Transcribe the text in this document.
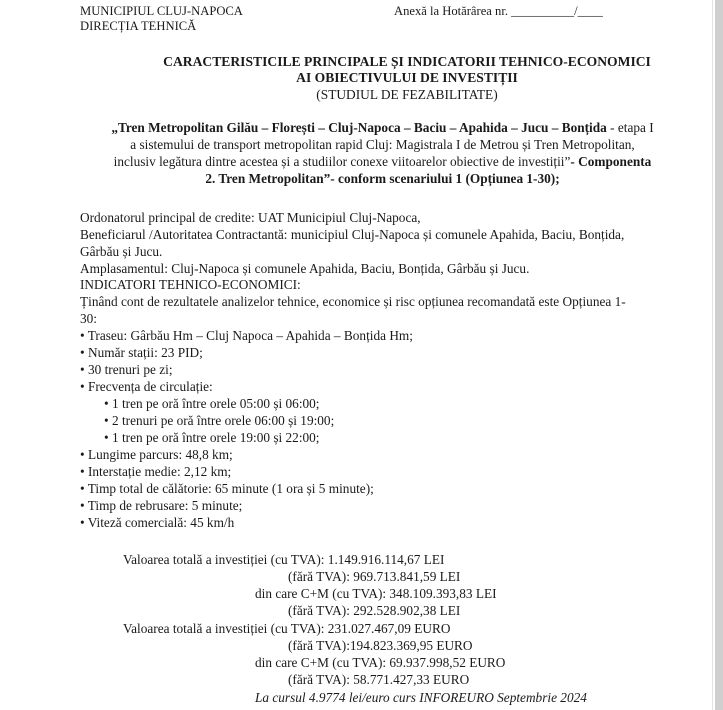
MUNICIPIUL CLUJ-NAPOCA
DIRECȚIA TEHNICĂ
Anexă la Hotărârea nr. __________/____
CARACTERISTICILE PRINCIPALE ȘI INDICATORII TEHNICO-ECONOMICI
AI OBIECTIVULUI DE INVESTIȚII
(STUDIUL DE FEZABILITATE)
„Tren Metropolitan Gilău – Florești – Cluj-Napoca – Baciu – Apahida – Jucu – Bonțida - etapa I
a sistemului de transport metropolitan rapid Cluj: Magistrala I de Metrou și Tren Metropolitan,
inclusiv legătura dintre acestea și a studiilor conexe viitoarelor obiective de investiții”- Componenta
2. Tren Metropolitan”- conform scenariului 1 (Opțiunea 1-30);
Ordonatorul principal de credite: UAT Municipiul Cluj-Napoca,
Beneficiarul /Autoritatea Contractantă: municipiul Cluj-Napoca și comunele Apahida, Baciu, Bonțida,
Gârbău și Jucu.
Amplasamentul: Cluj-Napoca și comunele Apahida, Baciu, Bonțida, Gârbău și Jucu.
INDICATORI TEHNICO-ECONOMICI:
Ținând cont de rezultatele analizelor tehnice, economice și risc opțiunea recomandată este Opțiunea 1-
30:
• Traseu: Gârbău Hm – Cluj Napoca – Apahida – Bonțida Hm;
• Număr stații: 23 PID;
• 30 trenuri pe zi;
• Frecvența de circulație:
• 1 tren pe oră între orele 05:00 și 06:00;
• 2 trenuri pe oră între orele 06:00 și 19:00;
• 1 tren pe oră între orele 19:00 și 22:00;
• Lungime parcurs: 48,8 km;
• Interstație medie: 2,12 km;
• Timp total de călătorie: 65 minute (1 ora și 5 minute);
• Timp de rebrusare: 5 minute;
• Viteză comercială: 45 km/h
Valoarea totală a investiției (cu TVA): 1.149.916.114,67 LEI
(fără TVA): 969.713.841,59 LEI
din care C+M (cu TVA): 348.109.393,83 LEI
(fără TVA): 292.528.902,38 LEI
Valoarea totală a investiției (cu TVA): 231.027.467,09 EURO
(fără TVA):194.823.369,95 EURO
din care C+M (cu TVA): 69.937.998,52 EURO
(fără TVA): 58.771.427,33 EURO
La cursul 4.9774 lei/euro curs INFOREURO Septembrie 2024
